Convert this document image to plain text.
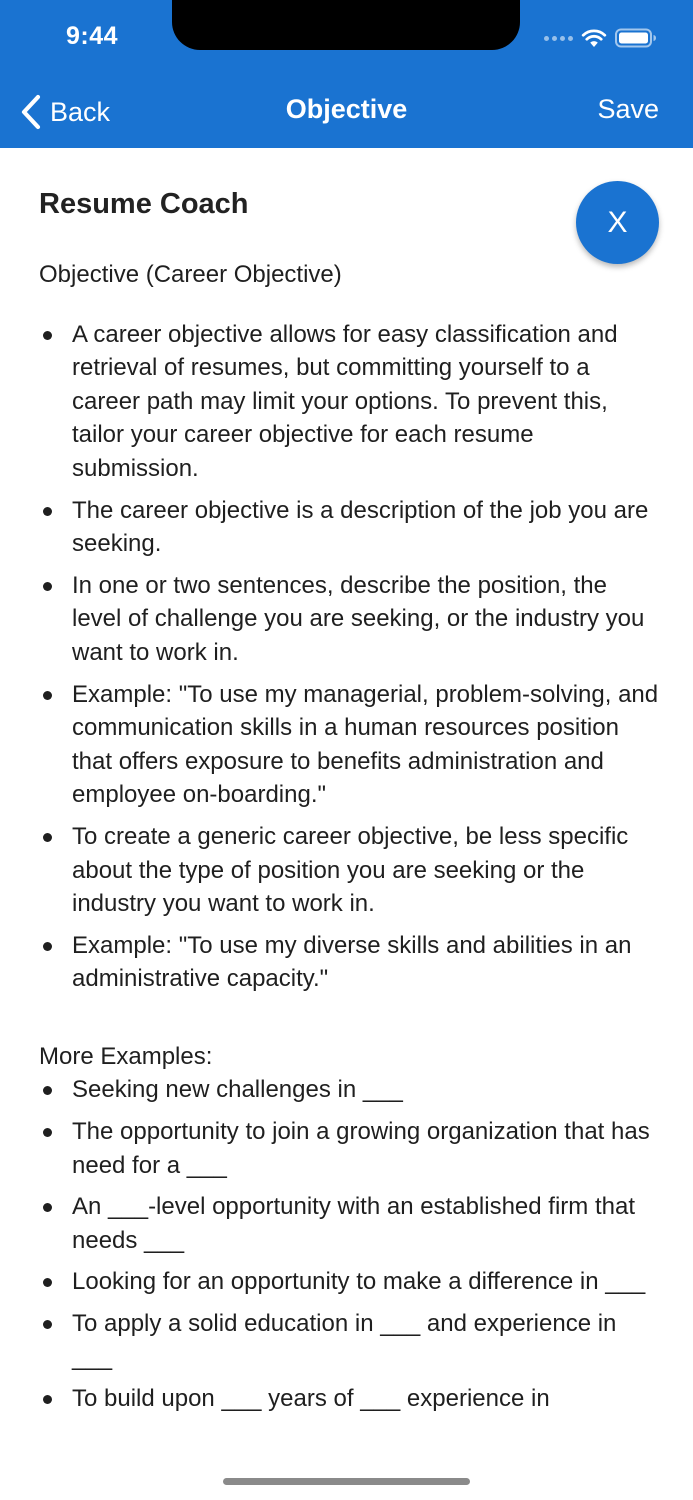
9:44
Back	Objective	Save
Resume Coach
X
Objective (Career Objective)
A career objective allows for easy classification and retrieval of resumes, but committing yourself to a career path may limit your options. To prevent this, tailor your career objective for each resume submission.
The career objective is a description of the job you are seeking.
In one or two sentences, describe the position, the level of challenge you are seeking, or the industry you want to work in.
Example: "To use my managerial, problem-solving, and communication skills in a human resources position that offers exposure to benefits administration and employee on-boarding."
To create a generic career objective, be less specific about the type of position you are seeking or the industry you want to work in.
Example: "To use my diverse skills and abilities in an administrative capacity."
More Examples:
Seeking new challenges in ___
The opportunity to join a growing organization that has need for a ___
An ___-level opportunity with an established firm that needs ___
Looking for an opportunity to make a difference in ___
To apply a solid education in ___ and experience in ___
To build upon ___ years of ___ experience in
